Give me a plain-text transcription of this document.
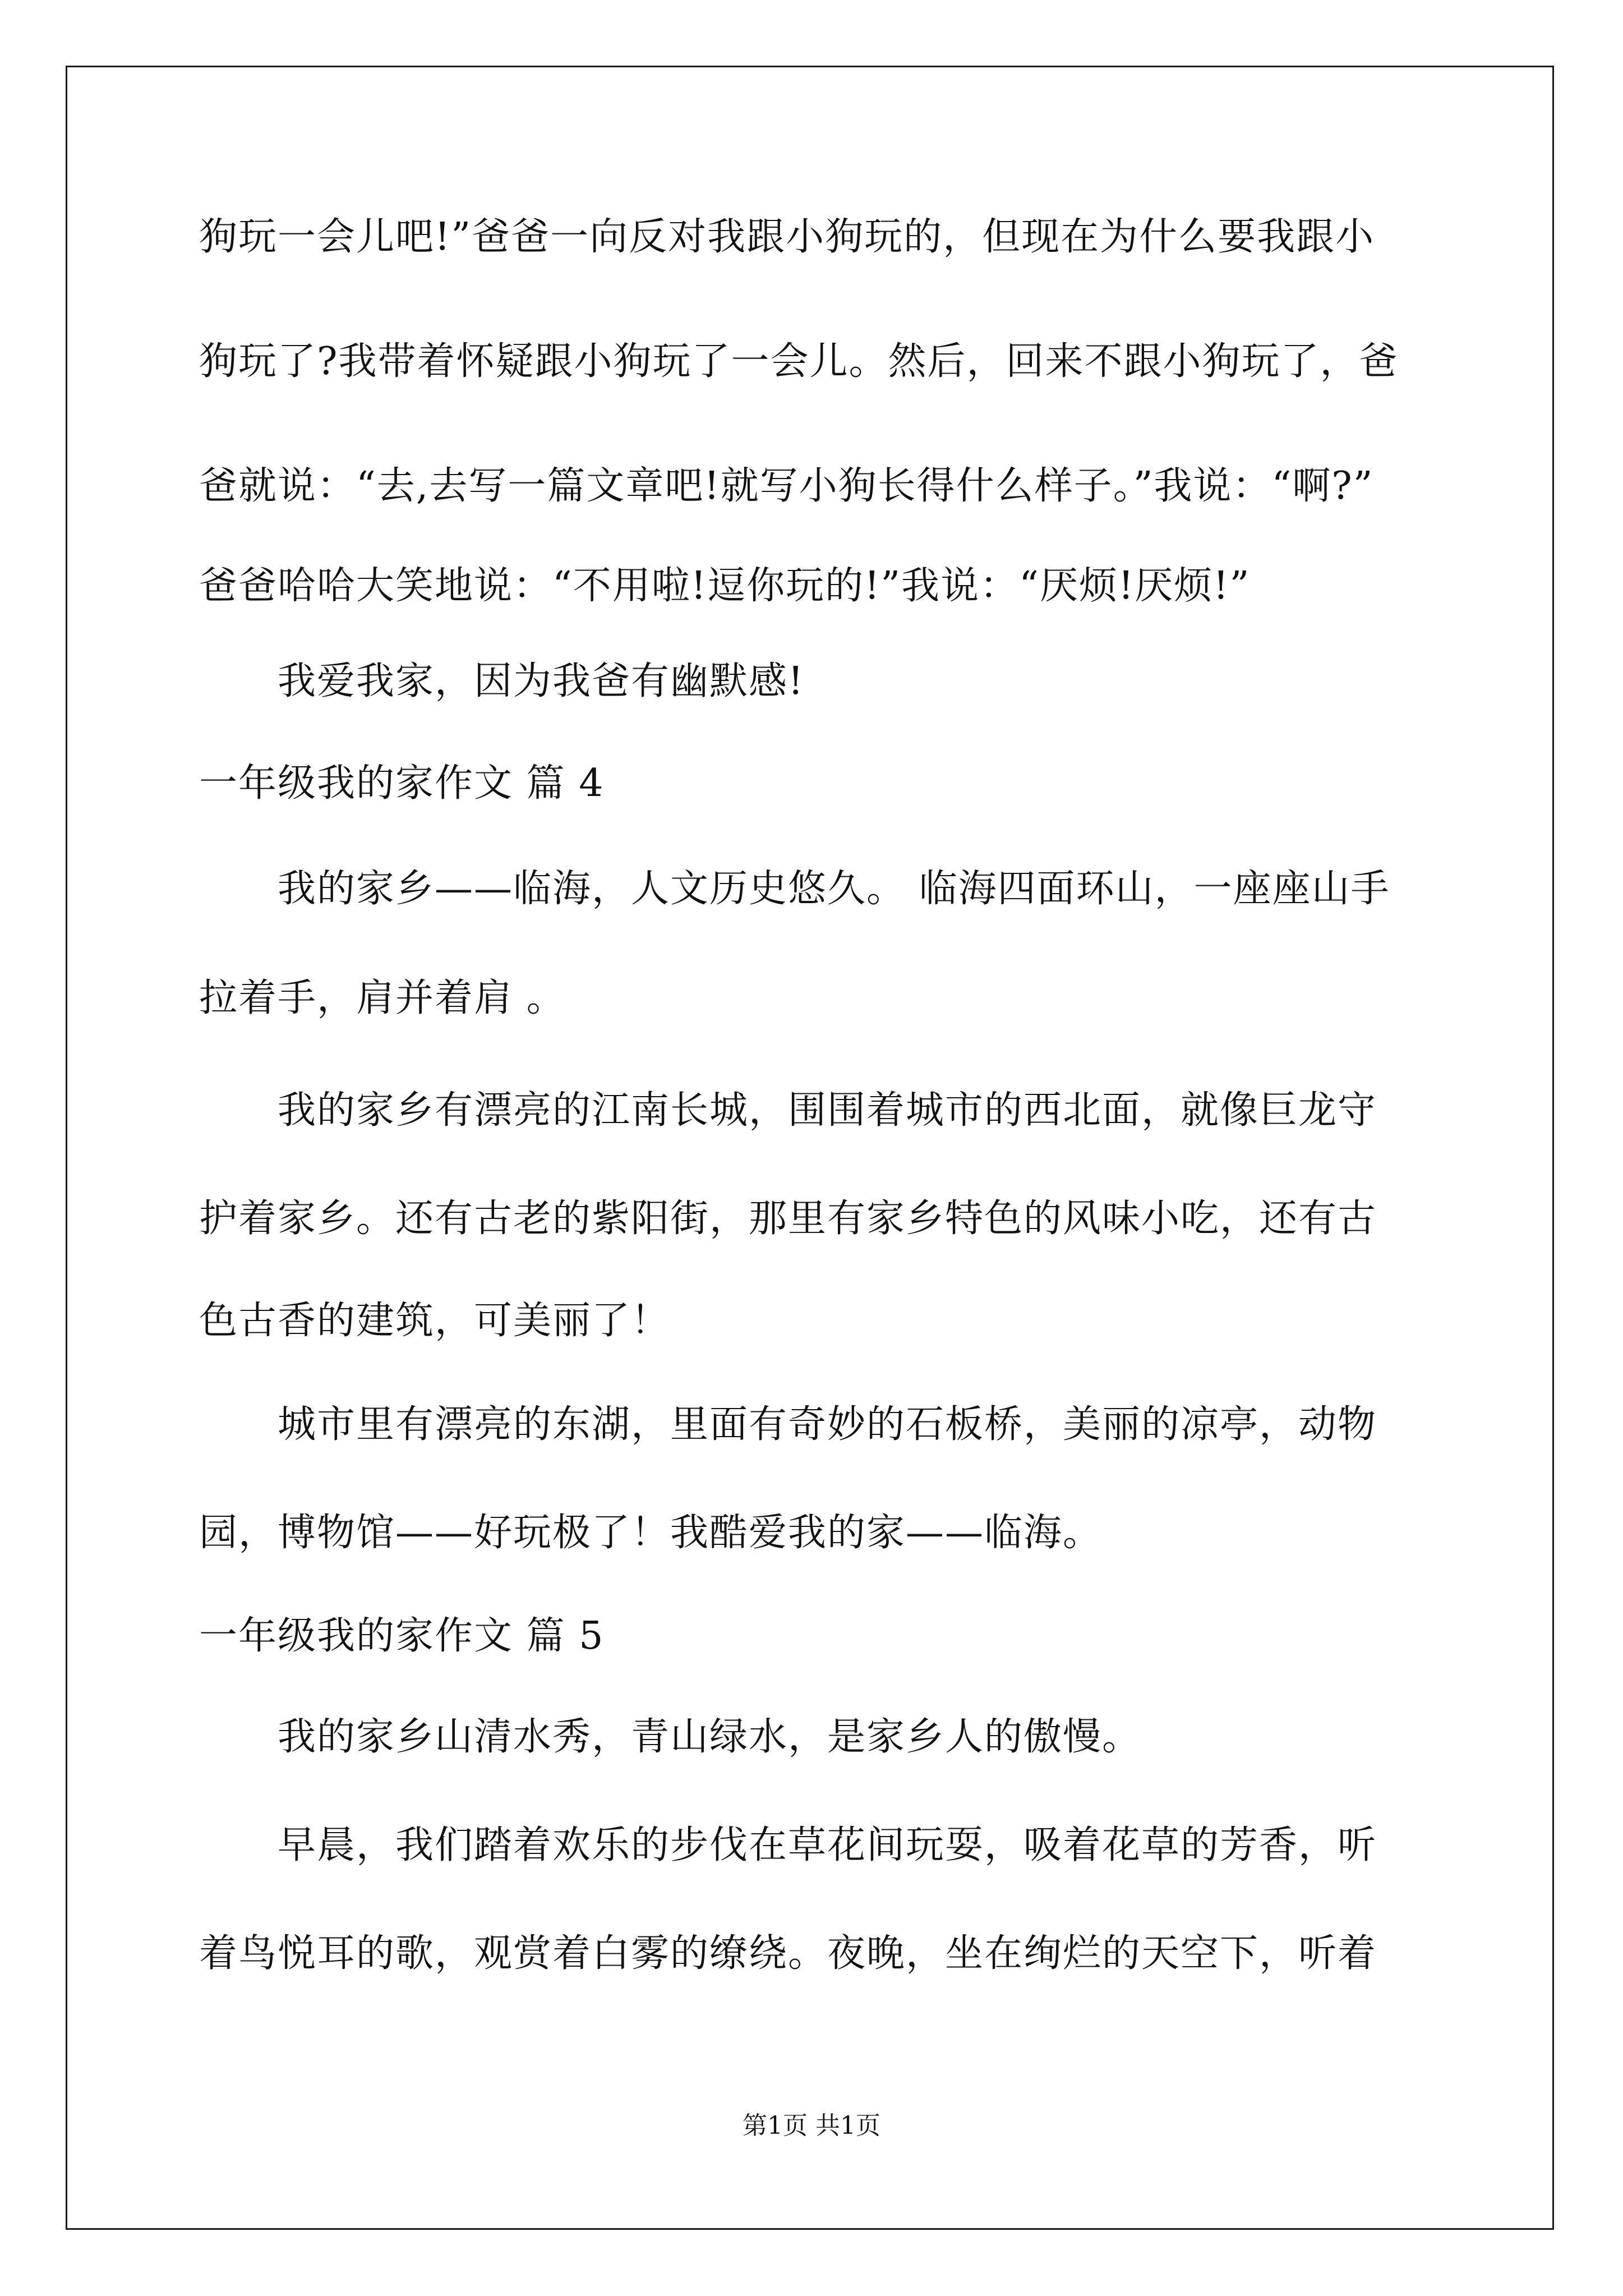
狗玩一会儿吧!”爸爸一向反对我跟小狗玩的，但现在为什么要我跟小

狗玩了?我带着怀疑跟小狗玩了一会儿。然后，回来不跟小狗玩了，爸

爸就说：“去,去写一篇文章吧!就写小狗长得什么样子。”我说：“啊?”

爸爸哈哈大笑地说：“不用啦!逗你玩的!”我说：“厌烦!厌烦!”

我爱我家，因为我爸有幽默感!

一年级我的家作文 篇 4

我的家乡——临海，人文历史悠久。 临海四面环山，一座座山手

拉着手，肩并着肩 。

我的家乡有漂亮的江南长城，围围着城市的西北面，就像巨龙守

护着家乡。还有古老的紫阳街，那里有家乡特色的风味小吃，还有古

色古香的建筑，可美丽了！

城市里有漂亮的东湖，里面有奇妙的石板桥，美丽的凉亭，动物

园，博物馆——好玩极了！我酷爱我的家——临海。

一年级我的家作文 篇 5

我的家乡山清水秀，青山绿水，是家乡人的傲慢。

早晨，我们踏着欢乐的步伐在草花间玩耍，吸着花草的芳香，听

着鸟悦耳的歌，观赏着白雾的缭绕。夜晚，坐在绚烂的天空下，听着

第1页 共1页
